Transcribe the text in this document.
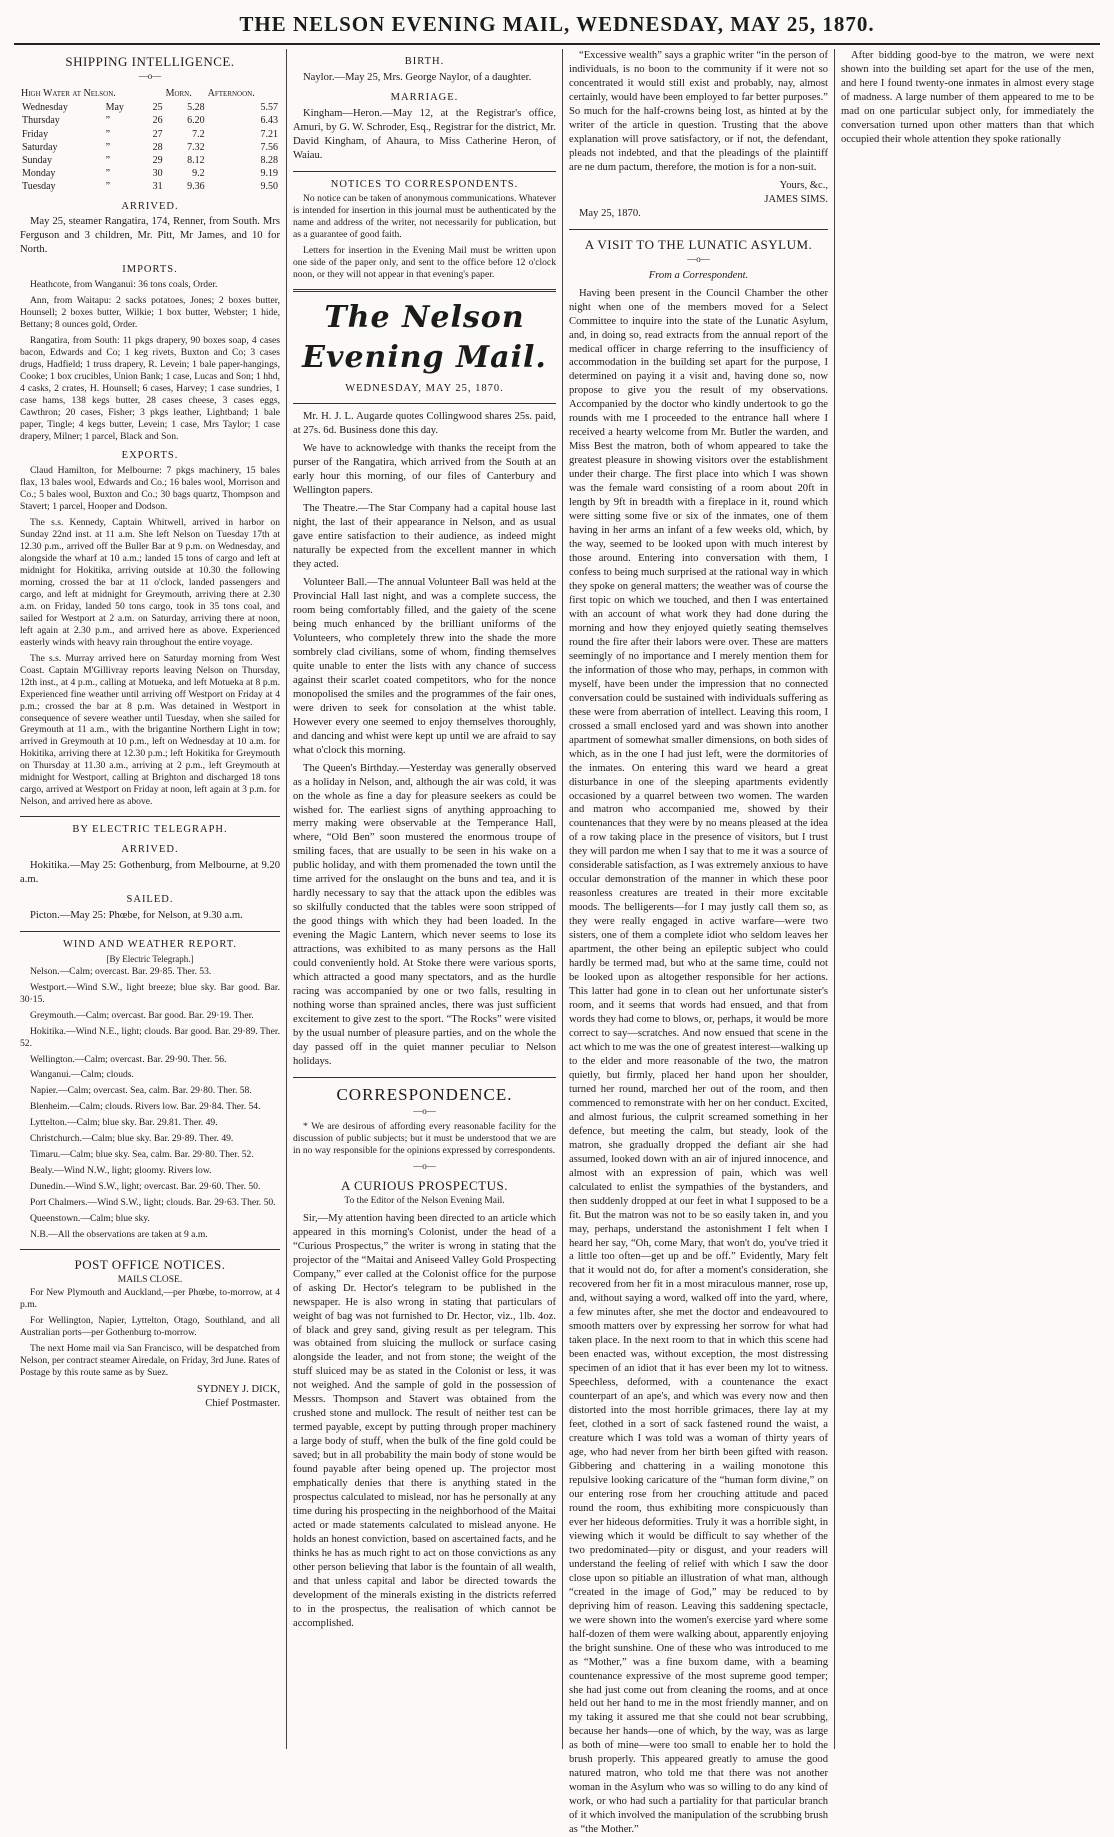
THE NELSON EVENING MAIL, WEDNESDAY, MAY 25, 1870.
SHIPPING INTELLIGENCE.
—o—
High Water at Nelson.			Morn.	Afternoon.
Wednesday	May	25	5.28	5.57
Thursday	”	26	6.20	6.43
Friday	”	27	7.2	7.21
Saturday	”	28	7.32	7.56
Sunday	”	29	8.12	8.28
Monday	”	30	9.2	9.19
Tuesday	”	31	9.36	9.50
ARRIVED.

May 25, steamer Rangatira, 174, Renner, from South. Mrs Ferguson and 3 children, Mr. Pitt, Mr James, and 10 for North.

IMPORTS.

Heathcote, from Wanganui: 36 tons coals, Order.

Ann, from Waitapu: 2 sacks potatoes, Jones; 2 boxes butter, Hounsell; 2 boxes butter, Wilkie; 1 box butter, Webster; 1 hide, Bettany; 8 ounces gold, Order.

Rangatira, from South: 11 pkgs drapery, 90 boxes soap, 4 cases bacon, Edwards and Co; 1 keg rivets, Buxton and Co; 3 cases drugs, Hadfield; 1 truss drapery, R. Levein; 1 bale paper-hangings, Cooke; 1 box crucibles, Union Bank; 1 case, Lucas and Son; 1 hhd, 4 casks, 2 crates, H. Hounsell; 6 cases, Harvey; 1 case sundries, 1 case hams, 138 kegs butter, 28 cases cheese, 3 cases eggs, Cawthron; 20 cases, Fisher; 3 pkgs leather, Lightband; 1 bale paper, Tingle; 4 kegs butter, Levein; 1 case, Mrs Taylor; 1 case drapery, Milner; 1 parcel, Black and Son.

EXPORTS.

Claud Hamilton, for Melbourne: 7 pkgs machinery, 15 bales flax, 13 bales wool, Edwards and Co.; 16 bales wool, Morrison and Co.; 5 bales wool, Buxton and Co.; 30 bags quartz, Thompson and Stavert; 1 parcel, Hooper and Dodson.

The s.s. Kennedy, Captain Whitwell, arrived in harbor on Sunday 22nd inst. at 11 a.m. She left Nelson on Tuesday 17th at 12.30 p.m., arrived off the Buller Bar at 9 p.m. on Wednesday, and alongside the wharf at 10 a.m.; landed 15 tons of cargo and left at midnight for Hokitika, arriving outside at 10.30 the following morning, crossed the bar at 11 o'clock, landed passengers and cargo, and left at midnight for Greymouth, arriving there at 2.30 a.m. on Friday, landed 50 tons cargo, took in 35 tons coal, and sailed for Westport at 2 a.m. on Saturday, arriving there at noon, left again at 2.30 p.m., and arrived here as above. Experienced easterly winds with heavy rain throughout the entire voyage.

The s.s. Murray arrived here on Saturday morning from West Coast. Captain M'Gillivray reports leaving Nelson on Thursday, 12th inst., at 4 p.m., calling at Motueka, and left Motueka at 8 p.m. Experienced fine weather until arriving off Westport on Friday at 4 p.m.; crossed the bar at 8 p.m. Was detained in Westport in consequence of severe weather until Tuesday, when she sailed for Greymouth at 11 a.m., with the brigantine Northern Light in tow; arrived in Greymouth at 10 p.m., left on Wednesday at 10 a.m. for Hokitika, arriving there at 12.30 p.m.; left Hokitika for Greymouth on Thursday at 11.30 a.m., arriving at 2 p.m., left Greymouth at midnight for Westport, calling at Brighton and discharged 18 tons cargo, arrived at Westport on Friday at noon, left again at 3 p.m. for Nelson, and arrived here as above.

BY ELECTRIC TELEGRAPH.
ARRIVED.

Hokitika.—May 25: Gothenburg, from Melbourne, at 9.20 a.m.

SAILED.

Picton.—May 25: Phœbe, for Nelson, at 9.30 a.m.

WIND AND WEATHER REPORT.
[By Electric Telegraph.]

Nelson.—Calm; overcast. Bar. 29·85. Ther. 53.

Westport.—Wind S.W., light breeze; blue sky. Bar good. Bar. 30·15.

Greymouth.—Calm; overcast. Bar good. Bar. 29·19. Ther.

Hokitika.—Wind N.E., light; clouds. Bar good. Bar. 29·89. Ther. 52.

Wellington.—Calm; overcast. Bar. 29·90. Ther. 56.

Wanganui.—Calm; clouds.

Napier.—Calm; overcast. Sea, calm. Bar. 29·80. Ther. 58.

Blenheim.—Calm; clouds. Rivers low. Bar. 29·84. Ther. 54.

Lyttelton.—Calm; blue sky. Bar. 29.81. Ther. 49.

Christchurch.—Calm; blue sky. Bar. 29·89. Ther. 49.

Timaru.—Calm; blue sky. Sea, calm. Bar. 29·80. Ther. 52.

Bealy.—Wind N.W., light; gloomy. Rivers low.

Dunedin.—Wind S.W., light; overcast. Bar. 29·60. Ther. 50.

Port Chalmers.—Wind S.W., light; clouds. Bar. 29·63. Ther. 50.

Queenstown.—Calm; blue sky.

N.B.—All the observations are taken at 9 a.m.

POST OFFICE NOTICES.
MAILS CLOSE.

For New Plymouth and Auckland,—per Phœbe, to-morrow, at 4 p.m.

For Wellington, Napier, Lyttelton, Otago, Southland, and all Australian ports—per Gothenburg to-morrow.

The next Home mail via San Francisco, will be despatched from Nelson, per contract steamer Airedale, on Friday, 3rd June. Rates of Postage by this route same as by Suez.

SYDNEY J. DICK,

Chief Postmaster.

BIRTH.

Naylor.—May 25, Mrs. George Naylor, of a daughter.

MARRIAGE.

Kingham—Heron.—May 12, at the Registrar's office, Amuri, by G. W. Schroder, Esq., Registrar for the district, Mr. David Kingham, of Ahaura, to Miss Catherine Heron, of Waiau.

NOTICES TO CORRESPONDENTS.

No notice can be taken of anonymous communications. Whatever is intended for insertion in this journal must be authenticated by the name and address of the writer, not necessarily for publication, but as a guarantee of good faith.

Letters for insertion in the Evening Mail must be written upon one side of the paper only, and sent to the office before 12 o'clock noon, or they will not appear in that evening's paper.

The Nelson Evening Mail.
WEDNESDAY, MAY 25, 1870.

Mr. H. J. L. Augarde quotes Collingwood shares 25s. paid, at 27s. 6d. Business done this day.

We have to acknowledge with thanks the receipt from the purser of the Rangatira, which arrived from the South at an early hour this morning, of our files of Canterbury and Wellington papers.

The Theatre.—The Star Company had a capital house last night, the last of their appearance in Nelson, and as usual gave entire satisfaction to their audience, as indeed might naturally be expected from the excellent manner in which they acted.

Volunteer Ball.—The annual Volunteer Ball was held at the Provincial Hall last night, and was a complete success, the room being comfortably filled, and the gaiety of the scene being much enhanced by the brilliant uniforms of the Volunteers, who completely threw into the shade the more sombrely clad civilians, some of whom, finding themselves quite unable to enter the lists with any chance of success against their scarlet coated competitors, who for the nonce monopolised the smiles and the programmes of the fair ones, were driven to seek for consolation at the whist table. However every one seemed to enjoy themselves thoroughly, and dancing and whist were kept up until we are afraid to say what o'clock this morning.

The Queen's Birthday.—Yesterday was generally observed as a holiday in Nelson, and, although the air was cold, it was on the whole as fine a day for pleasure seekers as could be wished for. The earliest signs of anything approaching to merry making were observable at the Temperance Hall, where, “Old Ben” soon mustered the enormous troupe of smiling faces, that are usually to be seen in his wake on a public holiday, and with them promenaded the town until the time arrived for the onslaught on the buns and tea, and it is hardly necessary to say that the attack upon the edibles was so skilfully conducted that the tables were soon stripped of the good things with which they had been loaded. In the evening the Magic Lantern, which never seems to lose its attractions, was exhibited to as many persons as the Hall could conveniently hold. At Stoke there were various sports, which attracted a good many spectators, and as the hurdle racing was accompanied by one or two falls, resulting in nothing worse than sprained ancles, there was just sufficient excitement to give zest to the sport. “The Rocks” were visited by the usual number of pleasure parties, and on the whole the day passed off in the quiet manner peculiar to Nelson holidays.

CORRESPONDENCE.
—o—

* We are desirous of affording every reasonable facility for the discussion of public subjects; but it must be understood that we are in no way responsible for the opinions expressed by correspondents.

—o—
A CURIOUS PROSPECTUS.

To the Editor of the Nelson Evening Mail.

Sir,—My attention having been directed to an article which appeared in this morning's Colonist, under the head of a “Curious Prospectus,” the writer is wrong in stating that the projector of the “Maitai and Aniseed Valley Gold Prospecting Company,” ever called at the Colonist office for the purpose of asking Dr. Hector's telegram to be published in the newspaper. He is also wrong in stating that particulars of weight of bag was not furnished to Dr. Hector, viz., 1lb. 4oz. of black and grey sand, giving result as per telegram. This was obtained from sluicing the mullock or surface casing alongside the leader, and not from stone; the weight of the stuff sluiced may be as stated in the Colonist or less, it was not weighed. And the sample of gold in the possession of Messrs. Thompson and Stavert was obtained from the crushed stone and mullock. The result of neither test can be termed payable, except by putting through proper machinery a large body of stuff, when the bulk of the fine gold could be saved; but in all probability the main body of stone would be found payable after being opened up. The projector most emphatically denies that there is anything stated in the prospectus calculated to mislead, nor has he personally at any time during his prospecting in the neighborhood of the Maitai acted or made statements calculated to mislead anyone. He holds an honest conviction, based on ascertained facts, and he thinks he has as much right to act on those convictions as any other person believing that labor is the fountain of all wealth, and that unless capital and labor be directed towards the development of the minerals existing in the districts referred to in the prospectus, the realisation of which cannot be accomplished.

“Excessive wealth” says a graphic writer “in the person of individuals, is no boon to the community if it were not so concentrated it would still exist and probably, nay, almost certainly, would have been employed to far better purposes.” So much for the half-crowns being lost, as hinted at by the writer of the article in question. Trusting that the above explanation will prove satisfactory, or if not, the defendant, pleads not indebted, and that the pleadings of the plaintiff are ne dum pactum, therefore, the motion is for a non-suit.

Yours, &c.,

JAMES SIMS.

May 25, 1870.

A VISIT TO THE LUNATIC ASYLUM.
—o—

From a Correspondent.

Having been present in the Council Chamber the other night when one of the members moved for a Select Committee to inquire into the state of the Lunatic Asylum, and, in doing so, read extracts from the annual report of the medical officer in charge referring to the insufficiency of accommodation in the building set apart for the purpose, I determined on paying it a visit and, having done so, now propose to give you the result of my observations. Accompanied by the doctor who kindly undertook to go the rounds with me I proceeded to the entrance hall where I received a hearty welcome from Mr. Butler the warden, and Miss Best the matron, both of whom appeared to take the greatest pleasure in showing visitors over the establishment under their charge. The first place into which I was shown was the female ward consisting of a room about 20ft in length by 9ft in breadth with a fireplace in it, round which were sitting some five or six of the inmates, one of them having in her arms an infant of a few weeks old, which, by the way, seemed to be looked upon with much interest by those around. Entering into conversation with them, I confess to being much surprised at the rational way in which they spoke on general matters; the weather was of course the first topic on which we touched, and then I was entertained with an account of what work they had done during the morning and how they enjoyed quietly seating themselves round the fire after their labors were over. These are matters seemingly of no importance and I merely mention them for the information of those who may, perhaps, in common with myself, have been under the impression that no connected conversation could be sustained with individuals suffering as these were from aberration of intellect. Leaving this room, I crossed a small enclosed yard and was shown into another apartment of somewhat smaller dimensions, on both sides of which, as in the one I had just left, were the dormitories of the inmates. On entering this ward we heard a great disturbance in one of the sleeping apartments evidently occasioned by a quarrel between two women. The warden and matron who accompanied me, showed by their countenances that they were by no means pleased at the idea of a row taking place in the presence of visitors, but I trust they will pardon me when I say that to me it was a source of considerable satisfaction, as I was extremely anxious to have occular demonstration of the manner in which these poor reasonless creatures are treated in their more excitable moods. The belligerents—for I may justly call them so, as they were really engaged in active warfare—were two sisters, one of them a complete idiot who seldom leaves her apartment, the other being an epileptic subject who could hardly be termed mad, but who at the same time, could not be looked upon as altogether responsible for her actions. This latter had gone in to clean out her unfortunate sister's room, and it seems that words had ensued, and that from words they had come to blows, or, perhaps, it would be more correct to say—scratches. And now ensued that scene in the act which to me was the one of greatest interest—walking up to the elder and more reasonable of the two, the matron quietly, but firmly, placed her hand upon her shoulder, turned her round, marched her out of the room, and then commenced to remonstrate with her on her conduct. Excited, and almost furious, the culprit screamed something in her defence, but meeting the calm, but steady, look of the matron, she gradually dropped the defiant air she had assumed, looked down with an air of injured innocence, and almost with an expression of pain, which was well calculated to enlist the sympathies of the bystanders, and then suddenly dropped at our feet in what I supposed to be a fit. But the matron was not to be so easily taken in, and you may, perhaps, understand the astonishment I felt when I heard her say, “Oh, come Mary, that won't do, you've tried it a little too often—get up and be off.” Evidently, Mary felt that it would not do, for after a moment's consideration, she recovered from her fit in a most miraculous manner, rose up, and, without saying a word, walked off into the yard, where, a few minutes after, she met the doctor and endeavoured to smooth matters over by expressing her sorrow for what had taken place. In the next room to that in which this scene had been enacted was, without exception, the most distressing specimen of an idiot that it has ever been my lot to witness. Speechless, deformed, with a countenance the exact counterpart of an ape's, and which was every now and then distorted into the most horrible grimaces, there lay at my feet, clothed in a sort of sack fastened round the waist, a creature which I was told was a woman of thirty years of age, who had never from her birth been gifted with reason. Gibbering and chattering in a wailing monotone this repulsive looking caricature of the “human form divine,” on our entering rose from her crouching attitude and paced round the room, thus exhibiting more conspicuously than ever her hideous deformities. Truly it was a horrible sight, in viewing which it would be difficult to say whether of the two predominated—pity or disgust, and your readers will understand the feeling of relief with which I saw the door close upon so pitiable an illustration of what man, although “created in the image of God,” may be reduced to by depriving him of reason. Leaving this saddening spectacle, we were shown into the women's exercise yard where some half-dozen of them were walking about, apparently enjoying the bright sunshine. One of these who was introduced to me as “Mother,” was a fine buxom dame, with a beaming countenance expressive of the most supreme good temper; she had just come out from cleaning the rooms, and at once held out her hand to me in the most friendly manner, and on my taking it assured me that she could not bear scrubbing, because her hands—one of which, by the way, was as large as both of mine—were too small to enable her to hold the brush properly. This appeared greatly to amuse the good natured matron, who told me that there was not another woman in the Asylum who was so willing to do any kind of work, or who had such a partiality for that particular branch of it which involved the manipulation of the scrubbing brush as “the Mother.”

After bidding good-bye to the matron, we were next shown into the building set apart for the use of the men, and here I found twenty-one inmates in almost every stage of madness. A large number of them appeared to me to be mad on one particular subject only, for immediately the conversation turned upon other matters than that which occupied their whole attention they spoke rationally
